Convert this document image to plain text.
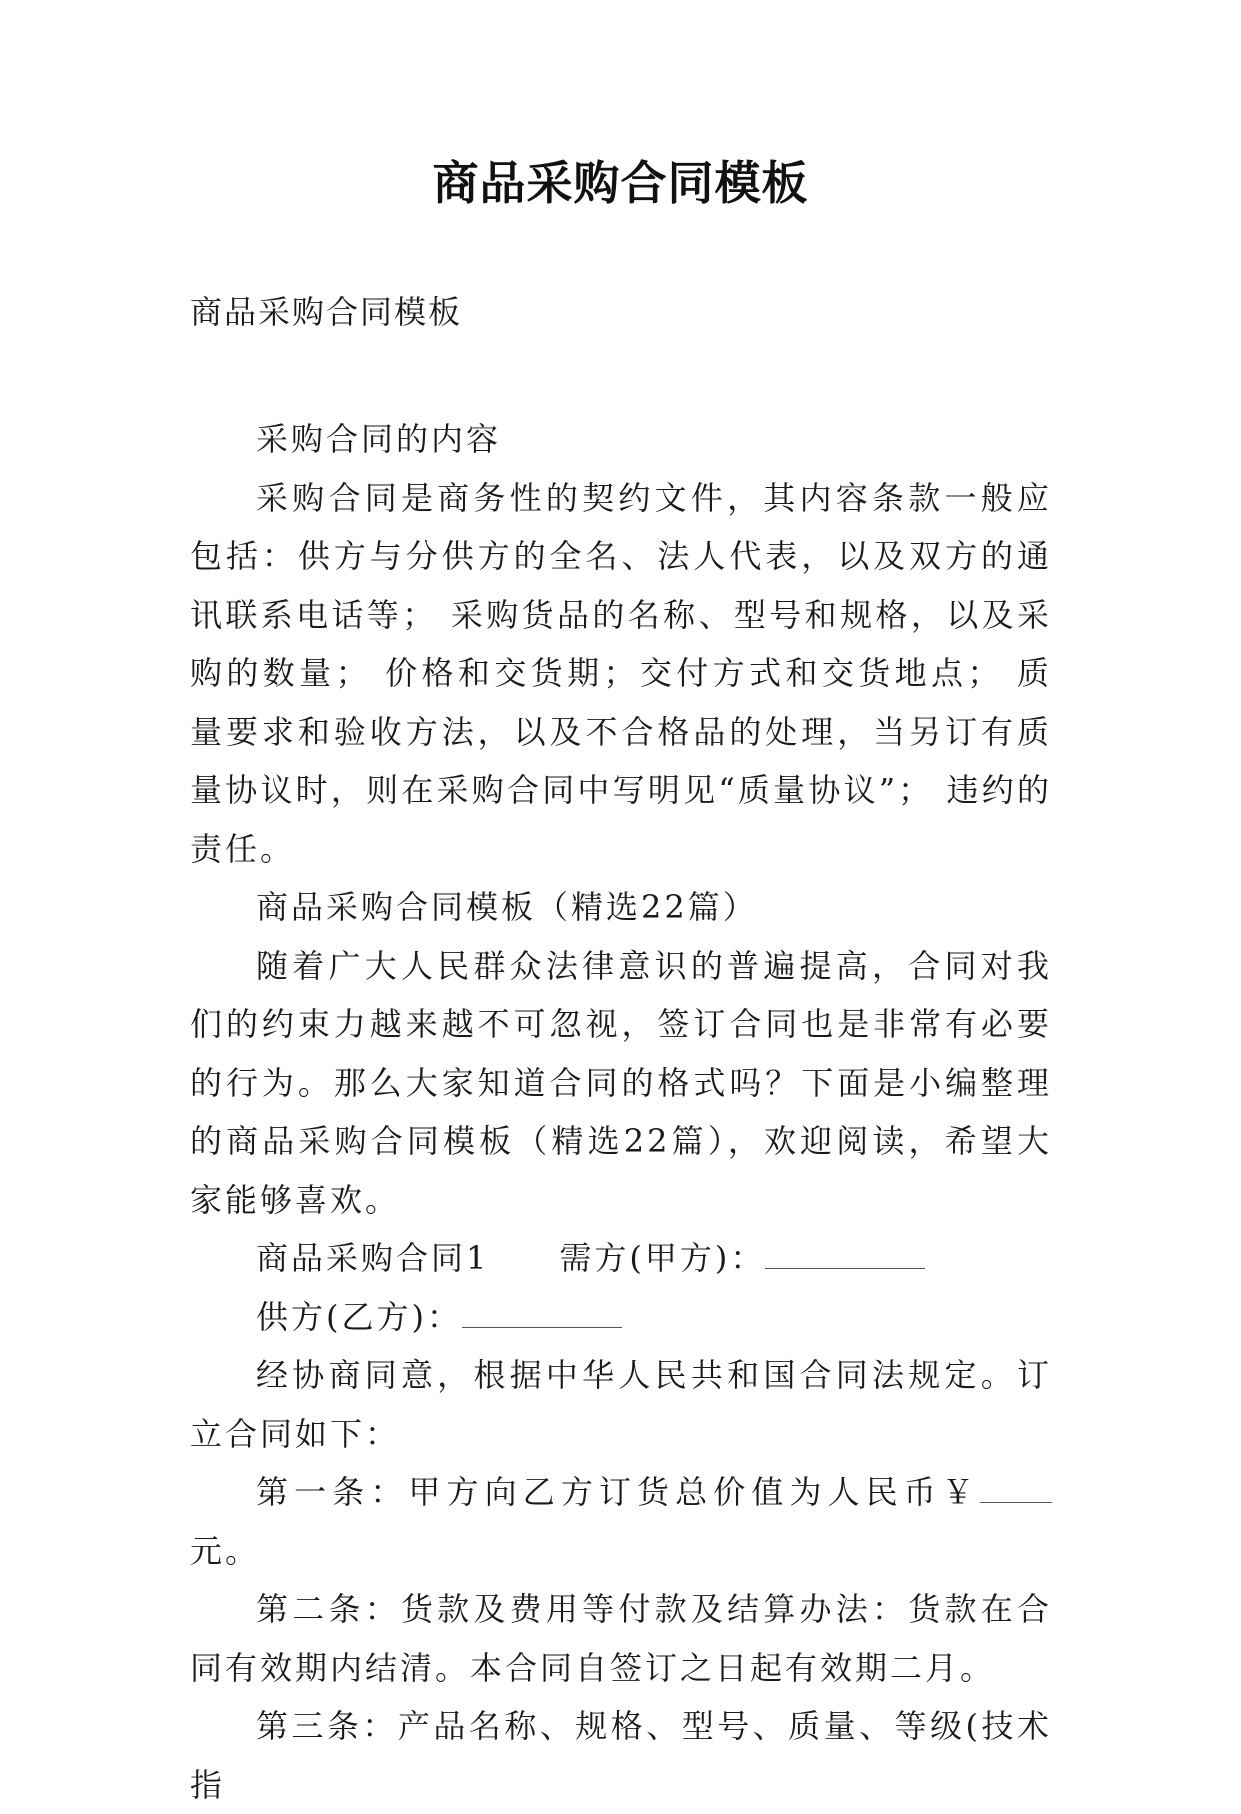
商品采购合同模板
商品采购合同模板

采购合同的内容

采购合同是商务性的契约文件，其内容条款一般应包括：供方与分供方的全名、法人代表，以及双方的通讯联系电话等； 采购货品的名称、型号和规格，以及采购的数量； 价格和交货期；交付方式和交货地点； 质量要求和验收方法，以及不合格品的处理，当另订有质量协议时，则在采购合同中写明见“质量协议”； 违约的责任。

商品采购合同模板（精选22篇）

随着广大人民群众法律意识的普遍提高，合同对我们的约束力越来越不可忽视，签订合同也是非常有必要的行为。那么大家知道合同的格式吗？下面是小编整理的商品采购合同模板（精选22篇），欢迎阅读，希望大家能够喜欢。

商品采购合同1　　需方(甲方)：

供方(乙方)：

经协商同意，根据中华人民共和国合同法规定。订立合同如下：

第一条：甲方向乙方订货总价值为人民币￥元。

第二条：货款及费用等付款及结算办法：货款在合同有效期内结清。本合同自签订之日起有效期二月。

第三条：产品名称、规格、型号、质量、等级(技术指
